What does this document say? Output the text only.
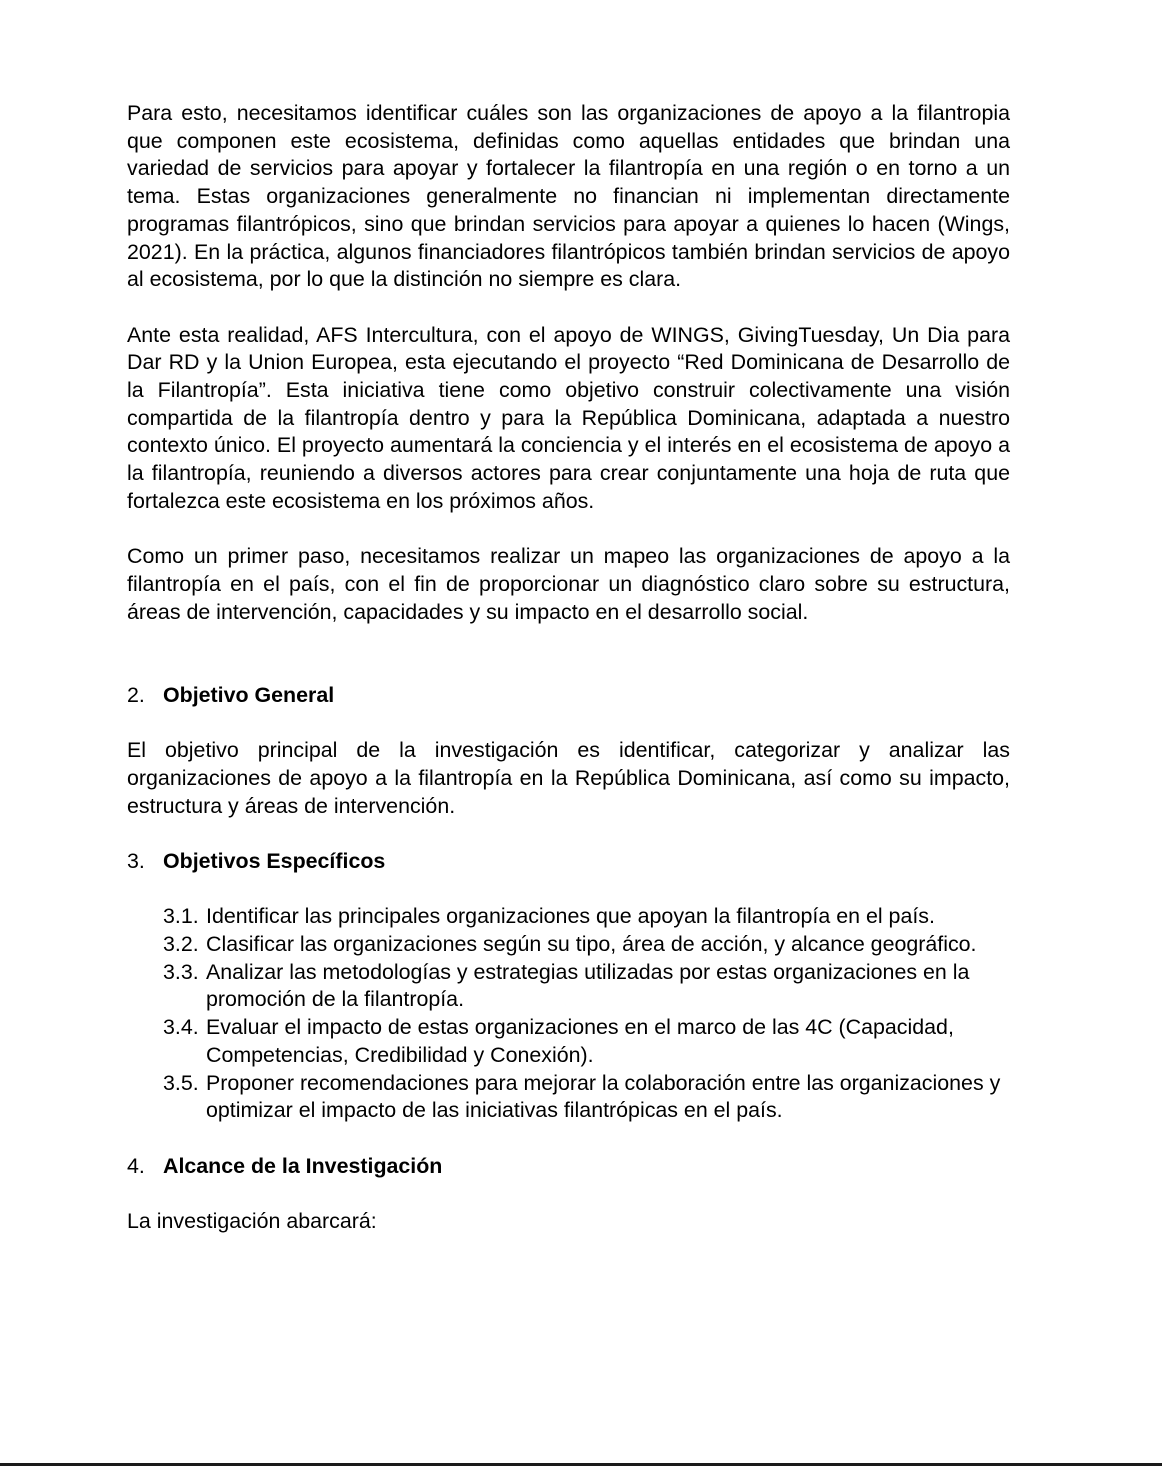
Para esto, necesitamos identificar cuáles son las organizaciones de apoyo a la filantropia que componen este ecosistema, definidas como aquellas entidades que brindan una variedad de servicios para apoyar y fortalecer la filantropía en una región o en torno a un tema. Estas organizaciones generalmente no financian ni implementan directamente programas filantrópicos, sino que brindan servicios para apoyar a quienes lo hacen (Wings, 2021). En la práctica, algunos financiadores filantrópicos también brindan servicios de apoyo al ecosistema, por lo que la distinción no siempre es clara.

Ante esta realidad, AFS Intercultura, con el apoyo de WINGS, GivingTuesday, Un Dia para Dar RD y la Union Europea, esta ejecutando el proyecto “Red Dominicana de Desarrollo de la Filantropía”. Esta iniciativa tiene como objetivo construir colectivamente una visión compartida de la filantropía dentro y para la República Dominicana, adaptada a nuestro contexto único. El proyecto aumentará la conciencia y el interés en el ecosistema de apoyo a la filantropía, reuniendo a diversos actores para crear conjuntamente una hoja de ruta que fortalezca este ecosistema en los próximos años.

Como un primer paso, necesitamos realizar un mapeo las organizaciones de apoyo a la filantropía en el país, con el fin de proporcionar un diagnóstico claro sobre su estructura, áreas de intervención, capacidades y su impacto en el desarrollo social.

2. Objetivo General

El objetivo principal de la investigación es identificar, categorizar y analizar las organizaciones de apoyo a la filantropía en la República Dominicana, así como su impacto, estructura y áreas de intervención.

3. Objetivos Específicos
3.1. Identificar las principales organizaciones que apoyan la filantropía en el país.
3.2. Clasificar las organizaciones según su tipo, área de acción, y alcance geográfico.
3.3. Analizar las metodologías y estrategias utilizadas por estas organizaciones en la promoción de la filantropía.
3.4. Evaluar el impacto de estas organizaciones en el marco de las 4C (Capacidad, Competencias, Credibilidad y Conexión).
3.5. Proponer recomendaciones para mejorar la colaboración entre las organizaciones y optimizar el impacto de las iniciativas filantrópicas en el país.
4. Alcance de la Investigación

La investigación abarcará:
